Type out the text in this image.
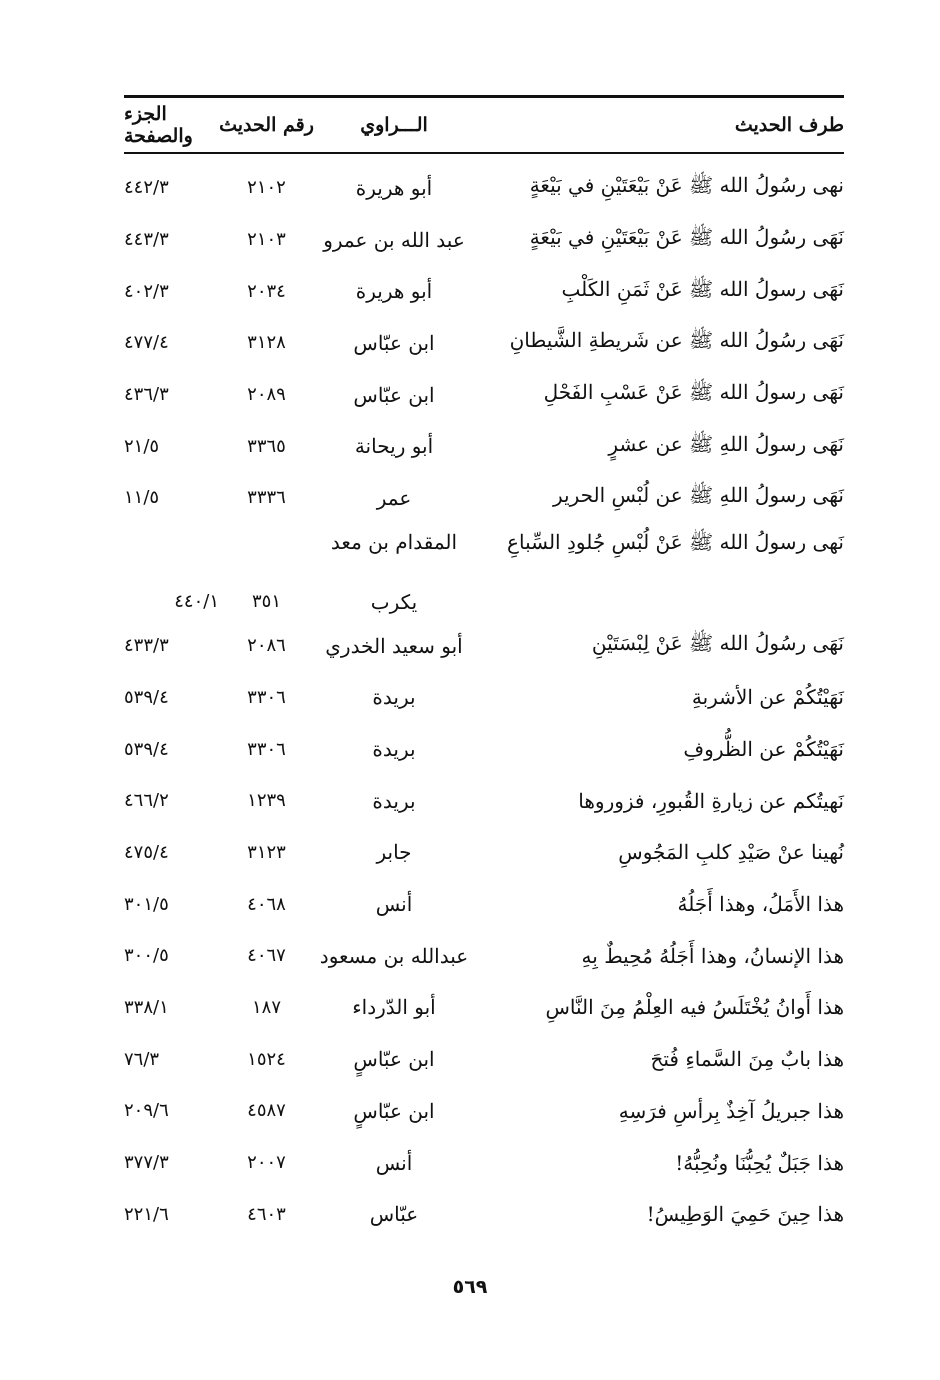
طرف الحديث
الـــراوي
رقم الحديث
الجزء والصفحة
نهى رسُولُ الله ﷺ عَنْ بَيْعَتَيْنِ في بَيْعَةٍ
أبو هريرة
٢١٠٢
٤٤٢/٣
نَهَى رسُولُ الله ﷺ عَنْ بَيْعَتَيْنِ في بَيْعَةٍ
عبد الله بن عمرو
٢١٠٣
٤٤٣/٣
نَهَى رسولُ الله ﷺ عَنْ ثَمَنِ الكَلْبِ
أبو هريرة
٢٠٣٤
٤٠٢/٣
نَهَى رسُولُ الله ﷺ عن شَريطةِ الشَّيطانِ
ابن عبّاس
٣١٢٨
٤٧٧/٤
نَهَى رسولُ الله ﷺ عَنْ عَسْبِ الفَحْلِ
ابن عبّاس
٢٠٨٩
٤٣٦/٣
نَهَى رسولُ اللهِ ﷺ عن عشرٍ
أبو ريحانة
٣٣٦٥
٢١/٥
نَهَى رسولُ اللهِ ﷺ عن لُبْسِ الحرير
عمر
٣٣٣٦
١١/٥
نَهى رسولُ الله ﷺ عَنْ لُبْسِ جُلودِ السِّباعِ
المقدام بن معد
يكرب
٣٥١
٤٤٠/١
نَهَى رسُولُ الله ﷺ عَنْ لِبْسَتَيْنِ
أبو سعيد الخدري
٢٠٨٦
٤٣٣/٣
نَهَيْتُكُمْ عن الأشربةِ
بريدة
٣٣٠٦
٥٣٩/٤
نَهَيْتُكُمْ عن الظُّروفِ
بريدة
٣٣٠٦
٥٣٩/٤
نَهيتُكم عن زيارةِ القُبورِ، فزوروها
بريدة
١٢٣٩
٤٦٦/٢
نُهينا عنْ صَيْدِ كلبِ المَجُوسِ
جابر
٣١٢٣
٤٧٥/٤
هذا الأَمَلُ، وهذا أَجَلُهُ
أنس
٤٠٦٨
٣٠١/٥
هذا الإنسانُ، وهذا أَجَلُهُ مُحِيطٌ بِهِ
عبدالله بن مسعود
٤٠٦٧
٣٠٠/٥
هذا أَوانُ يُخْتَلَسُ فيه العِلْمُ مِنَ النَّاسِ
أبو الدّرداء
١٨٧
٣٣٨/١
هذا بابٌ مِنَ السَّماءِ فُتحَ
ابن عبّاسٍ
١٥٢٤
٧٦/٣
هذا جبريلُ آخِذٌ بِرأسِ فرَسِهِ
ابن عبّاسٍ
٤٥٨٧
٢٠٩/٦
هذا جَبَلٌ يُحِبُّنَا ونُحِبُّهُ!
أنس
٢٠٠٧
٣٧٧/٣
هذا حِينَ حَمِيَ الوَطِيسُ!
عبّاس
٤٦٠٣
٢٢١/٦
٥٦٩
